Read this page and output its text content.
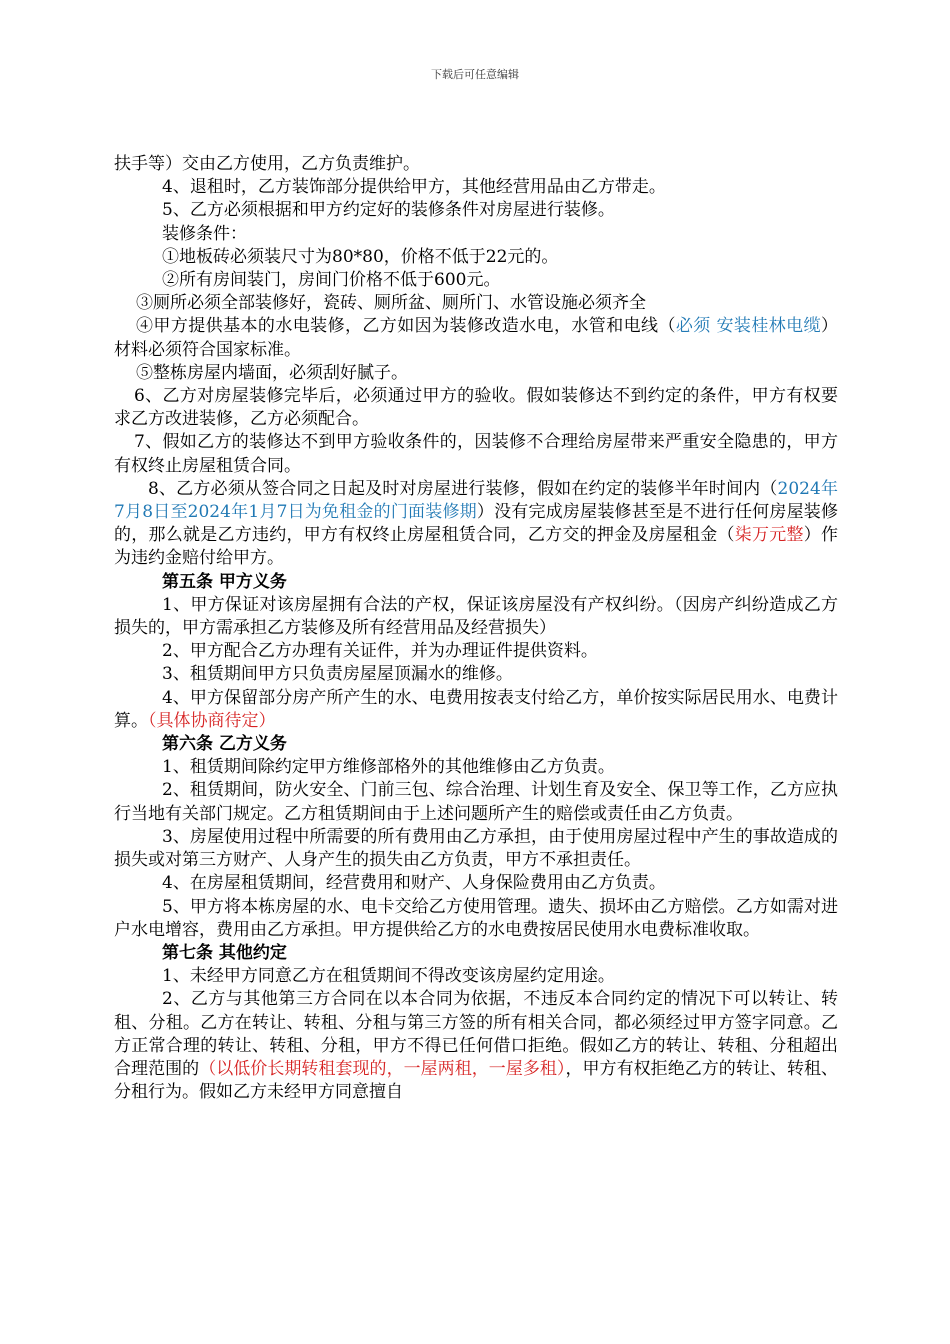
下载后可任意编辑

扶手等）交由乙方使用，乙方负责维护。

4、退租时，乙方装饰部分提供给甲方，其他经营用品由乙方带走。

5、乙方必须根据和甲方约定好的装修条件对房屋进行装修。

装修条件：

①地板砖必须装尺寸为80*80，价格不低于22元的。

②所有房间装门，房间门价格不低于600元。

③厕所必须全部装修好，瓷砖、厕所盆、厕所门、水管设施必须齐全

④甲方提供基本的水电装修，乙方如因为装修改造水电，水管和电线（必须 安装桂林电缆）材料必须符合国家标准。

⑤整栋房屋内墙面，必须刮好腻子。

6、乙方对房屋装修完毕后，必须通过甲方的验收。假如装修达不到约定的条件，甲方有权要求乙方改进装修，乙方必须配合。

7、假如乙方的装修达不到甲方验收条件的，因装修不合理给房屋带来严重安全隐患的，甲方有权终止房屋租赁合同。

8、乙方必须从签合同之日起及时对房屋进行装修，假如在约定的装修半年时间内（2024年7月8日至2024年1月7日为免租金的门面装修期）没有完成房屋装修甚至是不进行任何房屋装修的，那么就是乙方违约，甲方有权终止房屋租赁合同，乙方交的押金及房屋租金（柒万元整）作为违约金赔付给甲方。

第五条 甲方义务

1、甲方保证对该房屋拥有合法的产权，保证该房屋没有产权纠纷。（因房产纠纷造成乙方损失的，甲方需承担乙方装修及所有经营用品及经营损失）

2、甲方配合乙方办理有关证件，并为办理证件提供资料。

3、租赁期间甲方只负责房屋屋顶漏水的维修。

4、甲方保留部分房产所产生的水、电费用按表支付给乙方，单价按实际居民用水、电费计算。（具体协商待定）

第六条 乙方义务

1、租赁期间除约定甲方维修部格外的其他维修由乙方负责。

2、租赁期间，防火安全、门前三包、综合治理、计划生育及安全、保卫等工作，乙方应执行当地有关部门规定。乙方租赁期间由于上述问题所产生的赔偿或责任由乙方负责。

3、房屋使用过程中所需要的所有费用由乙方承担，由于使用房屋过程中产生的事故造成的损失或对第三方财产、人身产生的损失由乙方负责，甲方不承担责任。

4、在房屋租赁期间，经营费用和财产、人身保险费用由乙方负责。

5、甲方将本栋房屋的水、电卡交给乙方使用管理。遗失、损坏由乙方赔偿。乙方如需对进户水电增容，费用由乙方承担。甲方提供给乙方的水电费按居民使用水电费标准收取。

第七条 其他约定

1、未经甲方同意乙方在租赁期间不得改变该房屋约定用途。

2、乙方与其他第三方合同在以本合同为依据，不违反本合同约定的情况下可以转让、转租、分租。乙方在转让、转租、分租与第三方签的所有相关合同，都必须经过甲方签字同意。乙方正常合理的转让、转租、分租，甲方不得已任何借口拒绝。假如乙方的转让、转租、分租超出合理范围的（以低价长期转租套现的，一屋两租，一屋多租），甲方有权拒绝乙方的转让、转租、分租行为。假如乙方未经甲方同意擅自
